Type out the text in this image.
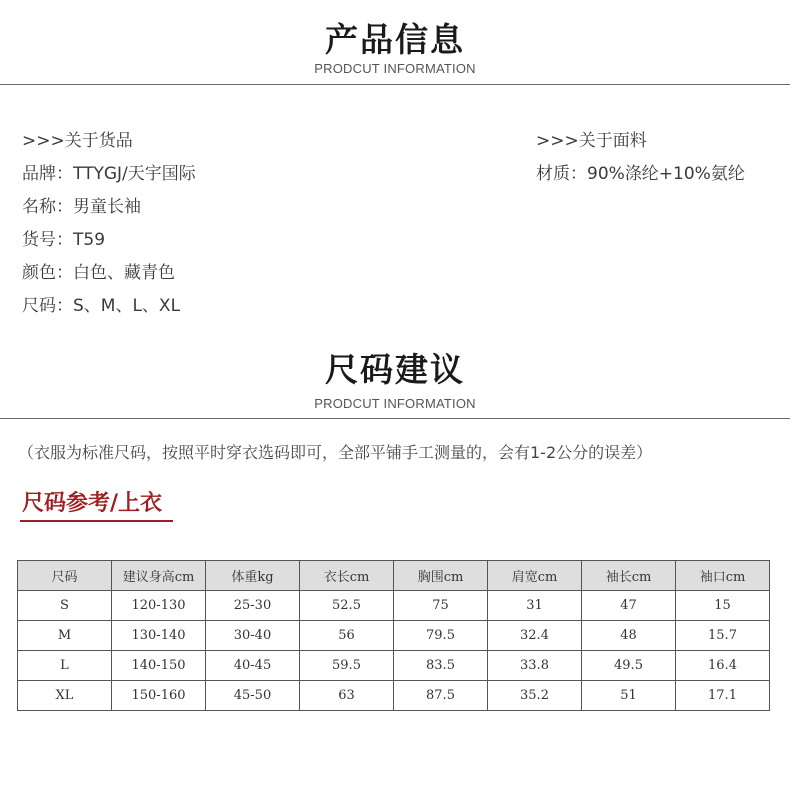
产品信息
PRODCUT INFORMATION
>>>关于货品
品牌：TTYGJ/天宇国际
名称：男童长袖
货号：T59
颜色：白色、藏青色
尺码：S、M、L、XL
>>>关于面料
材质：90%涤纶+10%氨纶
尺码建议
PRODCUT INFORMATION
（衣服为标准尺码，按照平时穿衣选码即可，全部平铺手工测量的，会有1-2公分的误差）
尺码参考/上衣
尺码	建议身高cm	体重kg	衣长cm	胸围cm	肩宽cm	袖长cm	袖口cm
S	120-130	25-30	52.5	75	31	47	15
M	130-140	30-40	56	79.5	32.4	48	15.7
L	140-150	40-45	59.5	83.5	33.8	49.5	16.4
XL	150-160	45-50	63	87.5	35.2	51	17.1
